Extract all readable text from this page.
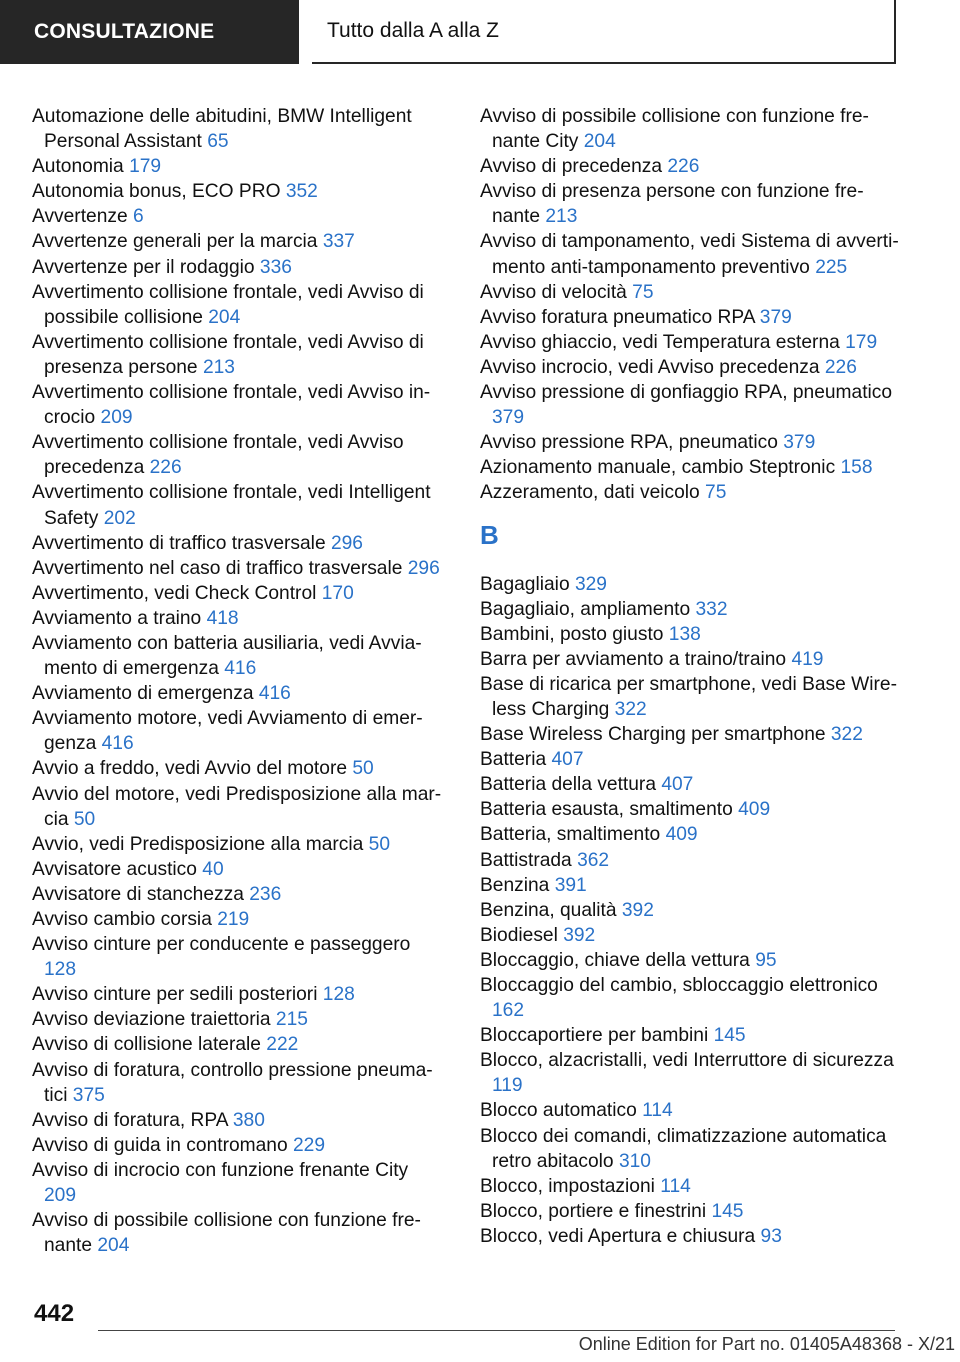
CONSULTAZIONE	Tutto dalla A alla Z

Automazione delle abitudini, BMW Intelligent Personal Assistant 65

Autonomia 179

Autonomia bonus, ECO PRO 352

Avvertenze 6

Avvertenze generali per la marcia 337

Avvertenze per il rodaggio 336

Avvertimento collisione frontale, vedi Avviso di possibile collisione 204

Avvertimento collisione frontale, vedi Avviso di presenza persone 213

Avvertimento collisione frontale, vedi Avviso incrocio 209

Avvertimento collisione frontale, vedi Avviso precedenza 226

Avvertimento collisione frontale, vedi Intelligent Safety 202

Avvertimento di traffico trasversale 296

Avvertimento nel caso di traffico trasversale 296

Avvertimento, vedi Check Control 170

Avviamento a traino 418

Avviamento con batteria ausiliaria, vedi Avviamento di emergenza 416

Avviamento di emergenza 416

Avviamento motore, vedi Avviamento di emergenza 416

Avvio a freddo, vedi Avvio del motore 50

Avvio del motore, vedi Predisposizione alla marcia 50

Avvio, vedi Predisposizione alla marcia 50

Avvisatore acustico 40

Avvisatore di stanchezza 236

Avviso cambio corsia 219

Avviso cinture per conducente e passeggero 128

Avviso cinture per sedili posteriori 128

Avviso deviazione traiettoria 215

Avviso di collisione laterale 222

Avviso di foratura, controllo pressione pneumatici 375

Avviso di foratura, RPA 380

Avviso di guida in contromano 229

Avviso di incrocio con funzione frenante City 209

Avviso di possibile collisione con funzione frenante 204

Avviso di possibile collisione con funzione frenante City 204

Avviso di precedenza 226

Avviso di presenza persone con funzione frenante 213

Avviso di tamponamento, vedi Sistema di avvertimento anti-tamponamento preventivo 225

Avviso di velocità 75

Avviso foratura pneumatico RPA 379

Avviso ghiaccio, vedi Temperatura esterna 179

Avviso incrocio, vedi Avviso precedenza 226

Avviso pressione di gonfiaggio RPA, pneumatico 379

Avviso pressione RPA, pneumatico 379

Azionamento manuale, cambio Steptronic 158

Azzeramento, dati veicolo 75

B

Bagagliaio 329

Bagagliaio, ampliamento 332

Bambini, posto giusto 138

Barra per avviamento a traino/traino 419

Base di ricarica per smartphone, vedi Base Wireless Charging 322

Base Wireless Charging per smartphone 322

Batteria 407

Batteria della vettura 407

Batteria esausta, smaltimento 409

Batteria, smaltimento 409

Battistrada 362

Benzina 391

Benzina, qualità 392

Biodiesel 392

Bloccaggio, chiave della vettura 95

Bloccaggio del cambio, sbloccaggio elettronico 162

Bloccaportiere per bambini 145

Blocco, alzacristalli, vedi Interruttore di sicurezza 119

Blocco automatico 114

Blocco dei comandi, climatizzazione automatica retro abitacolo 310

Blocco, impostazioni 114

Blocco, portiere e finestrini 145

Blocco, vedi Apertura e chiusura 93

442
Online Edition for Part no. 01405A48368 - X/21
